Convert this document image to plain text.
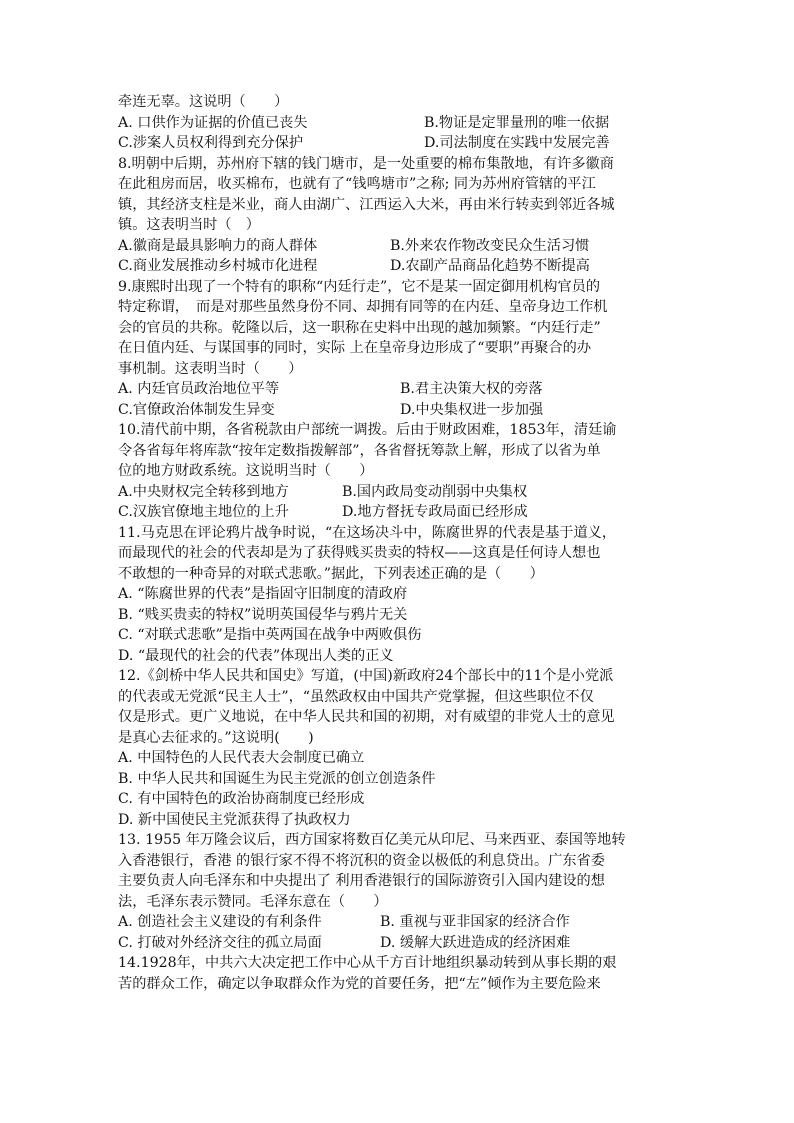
牵连无辜。这说明（　　）
A. 口供作为证据的价值已丧失	B.物证是定罪量刑的唯一依据
C.涉案人员权利得到充分保护	D.司法制度在实践中发展完善
8.明朝中后期，苏州府下辖的钱门塘市，是一处重要的棉布集散地，有许多徽商
在此租房而居，收买棉布，也就有了“钱鸣塘市”之称; 同为苏州府管辖的平江
镇，其经济支柱是米业，商人由湖广、江西运入大米，再由米行转卖到邻近各城
镇。这表明当时（　）
A.徽商是最具影响力的商人群体	B.外来农作物改变民众生活习惯
C.商业发展推动乡村城市化进程	D.农副产品商品化趋势不断提高
9.康熙时出现了一个特有的职称“内廷行走”，它不是某一固定御用机构官员的
特定称谓，　而是对那些虽然身份不同、却拥有同等的在内廷、皇帝身边工作机
会的官员的共称。乾隆以后，这一职称在史料中出现的越加频繁。“内廷行走”
在日值内廷、与谋国事的同时，实际 上在皇帝身边形成了“要职”再聚合的办
事机制。这表明当时（　　）
A. 内廷官员政治地位平等	B.君主决策大权的旁落
C.官僚政治体制发生异变	D.中央集权进一步加强
10.清代前中期，各省税款由户部统一调拨。后由于财政困难，1853年，清廷谕
令各省每年将库款“按年定数指拨解部”，各省督抚筹款上解，形成了以省为单
位的地方财政系统。这说明当时（　　）
A.中央财权完全转移到地方	B.国内政局变动削弱中央集权
C.汉族官僚地主地位的上升	D.地方督抚专政局面已经形成
11.马克思在评论鸦片战争时说，“在这场决斗中，陈腐世界的代表是基于道义，
而最现代的社会的代表却是为了获得贱买贵卖的特权——这真是任何诗人想也
不敢想的一种奇异的对联式悲歌。”据此，下列表述正确的是（　　）
A. “陈腐世界的代表”是指固守旧制度的清政府
B. “贱买贵卖的特权”说明英国侵华与鸦片无关
C. “对联式悲歌”是指中英两国在战争中两败俱伤
D. “最现代的社会的代表”体现出人类的正义
12.《剑桥中华人民共和国史》写道，(中国)新政府24个部长中的11个是小党派
的代表或无党派“民主人士”，“虽然政权由中国共产党掌握，但这些职位不仅
仅是形式。更广义地说，在中华人民共和国的初期，对有威望的非党人士的意见
是真心去征求的。”这说明(　　)
A. 中国特色的人民代表大会制度已确立
B. 中华人民共和国诞生为民主党派的创立创造条件
C. 有中国特色的政治协商制度已经形成
D. 新中国使民主党派获得了执政权力
13. 1955 年万隆会议后，西方国家将数百亿美元从印尼、马来西亚、泰国等地转
入香港银行，香港 的银行家不得不将沉积的资金以极低的利息贷出。广东省委
主要负责人向毛泽东和中央提出了 利用香港银行的国际游资引入国内建设的想
法，毛泽东表示赞同。毛泽东意在（　　）
A. 创造社会主义建设的有利条件	B. 重视与亚非国家的经济合作
C. 打破对外经济交往的孤立局面	D. 缓解大跃进造成的经济困难
14.1928年，中共六大决定把工作中心从千方百计地组织暴动转到从事长期的艰
苦的群众工作，确定以争取群众作为党的首要任务，把“左”倾作为主要危险来
